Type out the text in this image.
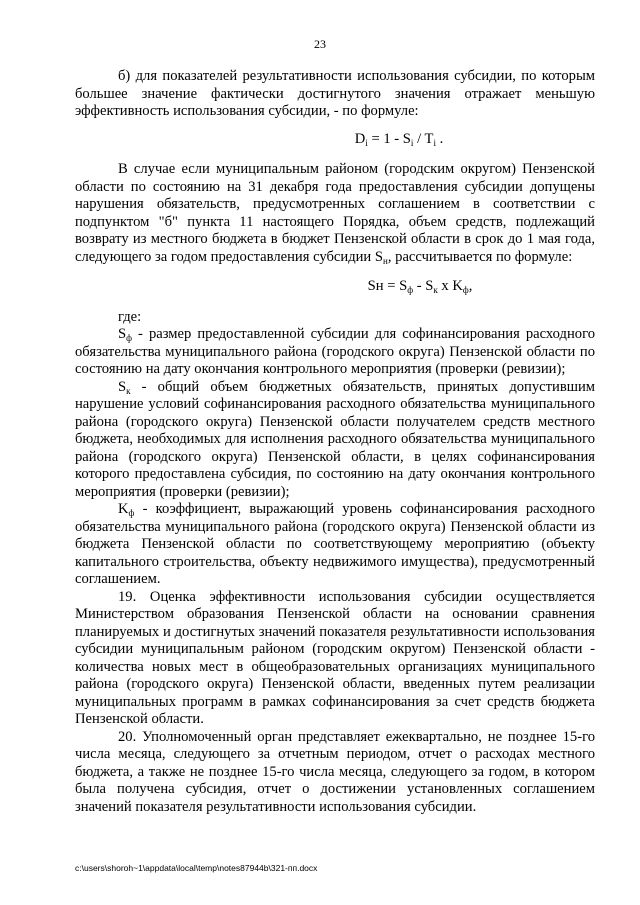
23

б) для показателей результативности использования субсидии, по которым большее значение фактически достигнутого значения отражает меньшую эффективность использования субсидии, - по формуле:

$D_i = 1 - S_i / T_i$ .

В случае если муниципальным районом (городским округом) Пензенской области по состоянию на 31 декабря года предоставления субсидии допущены нарушения обязательств, предусмотренных соглашением в соответствии с подпунктом "б" пункта 11 настоящего Порядка, объем средств, подлежащий возврату из местного бюджета в бюджет Пензенской области в срок до 1 мая года, следующего за годом предоставления субсидии $S_н$, рассчитывается по формуле:

Sн = $S_ф - S_к$ x $K_ф$,

где:

$S_ф$ - размер предоставленной субсидии для софинансирования расходного обязательства муниципального района (городского округа) Пензенской области по состоянию на дату окончания контрольного мероприятия (проверки (ревизии);

$S_к$ - общий объем бюджетных обязательств, принятых допустившим нарушение условий софинансирования расходного обязательства муниципального района (городского округа) Пензенской области получателем средств местного бюджета, необходимых для исполнения расходного обязательства муниципального района (городского округа) Пензенской области, в целях софинансирования которого предоставлена субсидия, по состоянию на дату окончания контрольного мероприятия (проверки (ревизии);

$K_ф$ - коэффициент, выражающий уровень софинансирования расходного обязательства муниципального района (городского округа) Пензенской области из бюджета Пензенской области по соответствующему мероприятию (объекту капитального строительства, объекту недвижимого имущества), предусмотренный соглашением.

19. Оценка эффективности использования субсидии осуществляется Министерством образования Пензенской области на основании сравнения планируемых и достигнутых значений показателя результативности использования субсидии муниципальным районом (городским округом) Пензенской области - количества новых мест в общеобразовательных организациях муниципального района (городского округа) Пензенской области, введенных путем реализации муниципальных программ в рамках софинансирования за счет средств бюджета Пензенской области.

20. Уполномоченный орган представляет ежеквартально, не позднее 15-го числа месяца, следующего за отчетным периодом, отчет о расходах местного бюджета, а также не позднее 15-го числа месяца, следующего за годом, в котором была получена субсидия, отчет о достижении установленных соглашением значений показателя результативности использования субсидии.

c:\users\shoroh~1\appdata\local\temp\notes87944b\321-пп.docx
